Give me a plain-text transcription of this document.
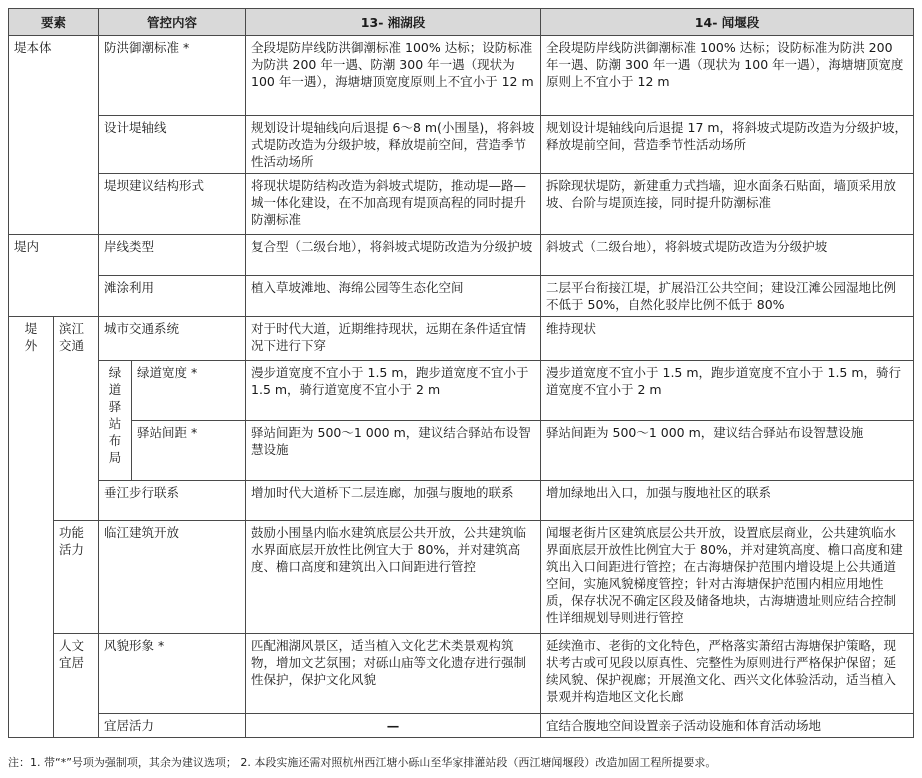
要素		管控内容		13- 湘湖段	14- 闻堰段
堤本体		防洪御潮标准 *		全段堤防岸线防洪御潮标准 100% 达标；设防标准为防洪 200 年一遇、防潮 300 年一遇（现状为 100 年一遇），海塘塘顶宽度原则上不宜小于 12 m	全段堤防岸线防洪御潮标准 100% 达标；设防标准为防洪 200 年一遇、防潮 300 年一遇（现状为 100 年一遇），海塘塘顶宽度原则上不宜小于 12 m
		设计堤轴线		规划设计堤轴线向后退提 6～8 m(小围垦)，将斜坡式堤防改造为分级护坡，释放堤前空间，营造季节性活动场所	规划设计堤轴线向后退提 17 m，将斜坡式堤防改造为分级护坡，释放堤前空间，营造季节性活动场所
		堤坝建议结构形式		将现状堤防结构改造为斜坡式堤防，推动堤—路—城一体化建设，在不加高现有堤顶高程的同时提升防潮标准	拆除现状堤防，新建重力式挡墙，迎水面条石贴面，墙顶采用放坡、台阶与堤顶连接，同时提升防潮标准
堤内		岸线类型		复合型（二级台地），将斜坡式堤防改造为分级护坡	斜坡式（二级台地），将斜坡式堤防改造为分级护坡
		滩涂利用		植入草坡滩地、海绵公园等生态化空间	二层平台衔接江堤，扩展沿江公共空间；建设江滩公园湿地比例不低于 50%，自然化驳岸比例不低于 80%

堤外	滨江交通	城市交通系统		对于时代大道，近期维持现状，远期在条件适宜情况下进行下穿	维持现状

		绿道驿站布局	绿道宽度 *	漫步道宽度不宜小于 1.5 m，跑步道宽度不宜小于 1.5 m，骑行道宽度不宜小于 2 m	漫步道宽度不宜小于 1.5 m，跑步道宽度不宜小于 1.5 m，骑行道宽度不宜小于 2 m
			驿站间距 *	驿站间距为 500～1 000 m，建议结合驿站布设智慧设施	驿站间距为 500～1 000 m，建议结合驿站布设智慧设施
		垂江步行联系		增加时代大道桥下二层连廊，加强与腹地的联系	增加绿地出入口，加强与腹地社区的联系
	功能活力	临江建筑开放		鼓励小围垦内临水建筑底层公共开放，公共建筑临水界面底层开放性比例宜大于 80%，并对建筑高度、檐口高度和建筑出入口间距进行管控	闻堰老街片区建筑底层公共开放，设置底层商业，公共建筑临水界面底层开放性比例宜大于 80%，并对建筑高度、檐口高度和建筑出入口间距进行管控；在古海塘保护范围内增设堤上公共通道空间，实施风貌梯度管控；针对古海塘保护范围内相应用地性质，保存状况不确定区段及储备地块，古海塘遗址则应结合控制性详细规划导则进行管控
	人文宜居	风貌形象 *		匹配湘湖风景区，适当植入文化艺术类景观构筑物，增加文艺氛围；对砾山庙等文化遗存进行强制性保护，保护文化风貌	延续渔市、老街的文化特色，严格落实萧绍古海塘保护策略，现状考古或可见段以原真性、完整性为原则进行严格保护保留；延续风貌、保护视廊；开展渔文化、西兴文化体验活动，适当植入景观并构造地区文化长廊
		宜居活力		—	宜结合腹地空间设置亲子活动设施和体育活动场地
注：1. 带“*”号项为强制项，其余为建议选项； 2. 本段实施还需对照杭州西江塘小砾山至华家排灌站段（西江塘闻堰段）改造加固工程所提要求。
